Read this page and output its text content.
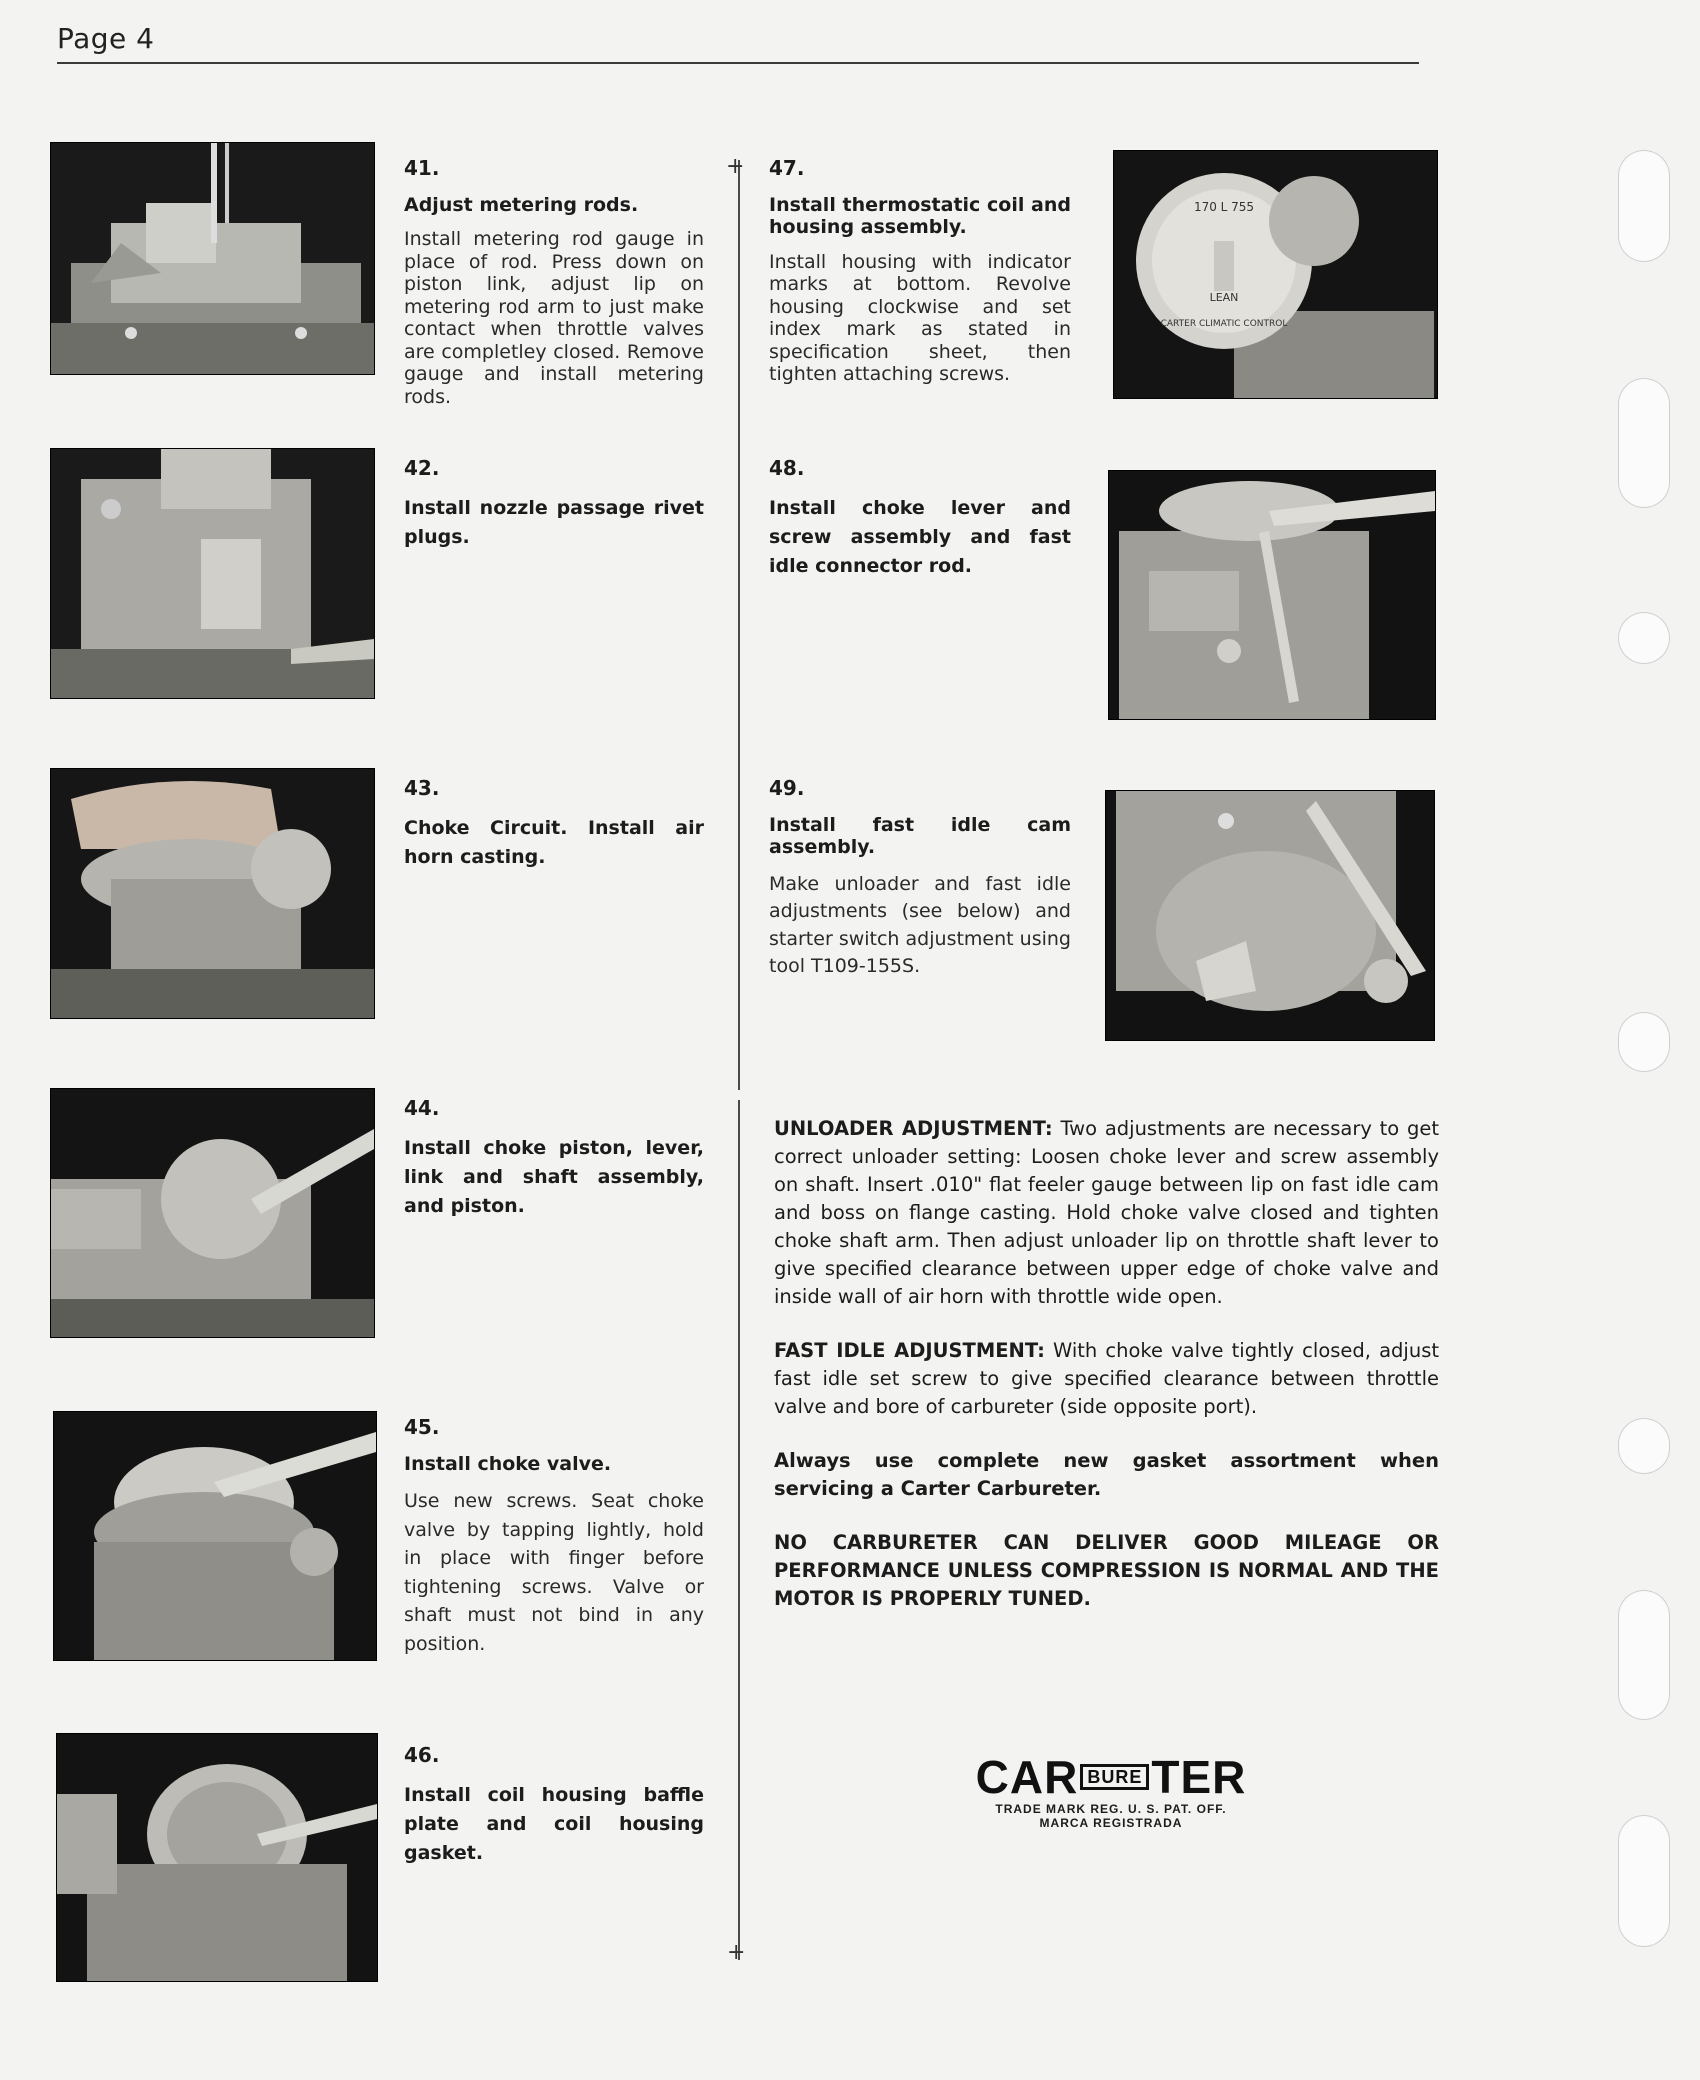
Page 4
+
+
170 L 755
LEAN
CARTER CLIMATIC CONTROL
41.
Adjust metering rods.
Install metering rod gauge in place of rod. Press down on piston link, adjust lip on metering rod arm to just make contact when throttle valves are completley closed. Remove gauge and install metering rods.
42.
Install nozzle passage rivet plugs.
43.
Choke Circuit. Install air horn casting.
44.
Install choke piston, lever, link and shaft assembly, and piston.
45.
Install choke valve.
Use new screws. Seat choke valve by tapping lightly, hold in place with finger before tightening screws. Valve or shaft must not bind in any position.
46.
Install coil housing baffle plate and coil housing gasket.
47.
Install thermostatic coil and housing assembly.
Install housing with indicator marks at bottom. Revolve housing clockwise and set index mark as stated in specification sheet, then tighten attaching screws.
48.
Install choke lever and screw assembly and fast idle connector rod.
49.
Install fast idle cam assembly.
Make unloader and fast idle adjustments (see below) and starter switch adjustment using tool T109-155S.

UNLOADER ADJUSTMENT: Two adjustments are necessary to get correct unloader setting: Loosen choke lever and screw assembly on shaft. Insert .010" flat feeler gauge between lip on fast idle cam and boss on flange casting. Hold choke valve closed and tighten choke shaft arm. Then adjust unloader lip on throttle shaft lever to give specified clearance between upper edge of choke valve and inside wall of air horn with throttle wide open.

FAST IDLE ADJUSTMENT: With choke valve tightly closed, adjust fast idle set screw to give specified clearance between throttle valve and bore of carbureter (side opposite port).

Always use complete new gasket assortment when servicing a Carter Carbureter.

NO CARBURETER CAN DELIVER GOOD MILEAGE OR PERFORMANCE UNLESS COMPRESSION IS NORMAL AND THE MOTOR IS PROPERLY TUNED.

CAR BURE TER
TRADE MARK REG. U. S. PAT. OFF.
MARCA REGISTRADA
